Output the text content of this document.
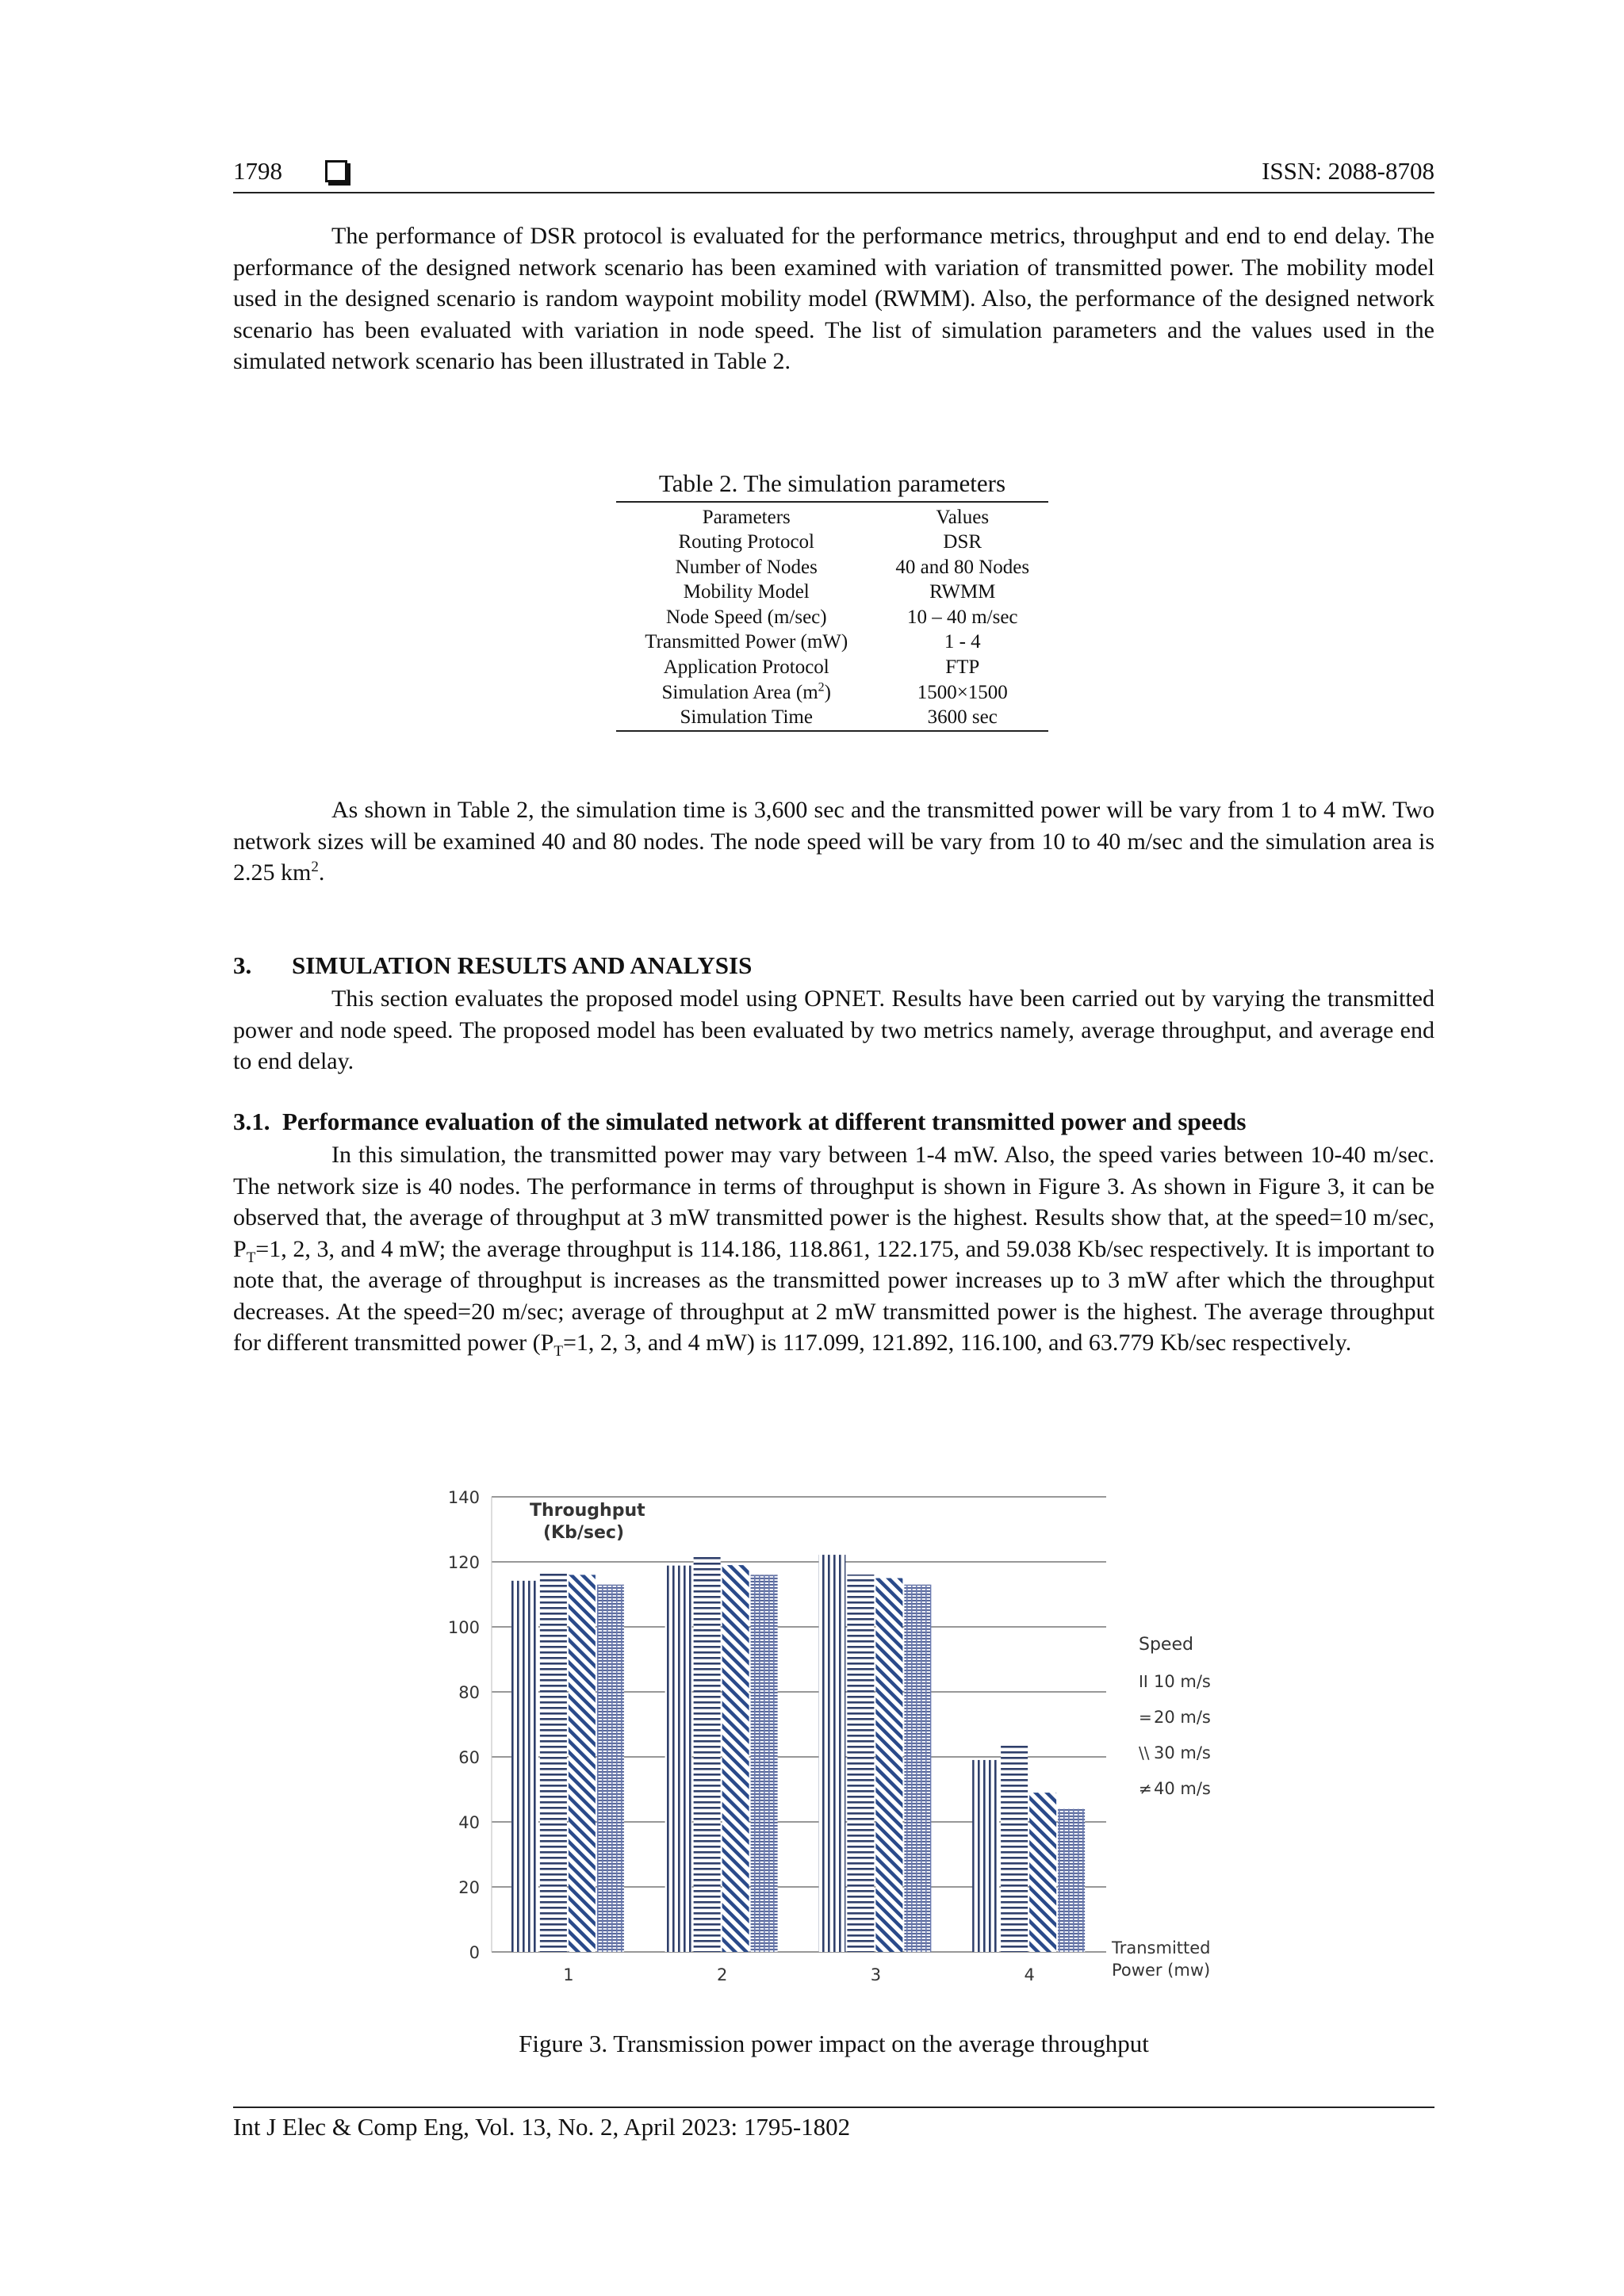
1798	ISSN: 2088-8708

The performance of DSR protocol is evaluated for the performance metrics, throughput and end to end delay. The performance of the designed network scenario has been examined with variation of transmitted power. The mobility model used in the designed scenario is random waypoint mobility model (RWMM). Also, the performance of the designed network scenario has been evaluated with variation in node speed. The list of simulation parameters and the values used in the simulated network scenario has been illustrated in Table 2.

Table 2. The simulation parameters
Parameters	Values
Routing Protocol	DSR
Number of Nodes	40 and 80 Nodes
Mobility Model	RWMM
Node Speed (m/sec)	10 – 40 m/sec
Transmitted Power (mW)	1 - 4
Application Protocol	FTP
Simulation Area $(m^2)$	1500×1500
Simulation Time	3600 sec

As shown in Table 2, the simulation time is 3,600 sec and the transmitted power will be vary from 1 to 4 mW. Two network sizes will be examined 40 and 80 nodes. The node speed will be vary from 10 to 40 m/sec and the simulation area is 2.25 $km^2$.

3. SIMULATION RESULTS AND ANALYSIS

This section evaluates the proposed model using OPNET. Results have been carried out by varying the transmitted power and node speed. The proposed model has been evaluated by two metrics namely, average throughput, and average end to end delay.

3.1. Performance evaluation of the simulated network at different transmitted power and speeds

In this simulation, the transmitted power may vary between 1-4 mW. Also, the speed varies between 10-40 m/sec. The network size is 40 nodes. The performance in terms of throughput is shown in Figure 3. As shown in Figure 3, it can be observed that, the average of throughput at 3 mW transmitted power is the highest. Results show that, at the speed=10 m/sec, $P_T=1$, 2, 3, and 4 mW; the average throughput is 114.186, 118.861, 122.175, and 59.038 Kb/sec respectively. It is important to note that, the average of throughput is increases as the transmitted power increases up to 3 mW after which the throughput decreases. At the speed=20 m/sec; average of throughput at 2 mW transmitted power is the highest. The average throughput for different transmitted power ($P_T=1$, 2, 3, and 4 mW) is 117.099, 121.892, 116.100, and 63.779 Kb/sec respectively.

0
20
40
60
80
100
120
140
1	2	3	4
Throughput
(Kb/sec)
Speed
II 10 m/s
= 20 m/s
\\ 30 m/s
≠ 40 m/s
Transmitted
Power (mw)
Figure 3. Transmission power impact on the average throughput
Int J Elec & Comp Eng, Vol. 13, No. 2, April 2023: 1795-1802
